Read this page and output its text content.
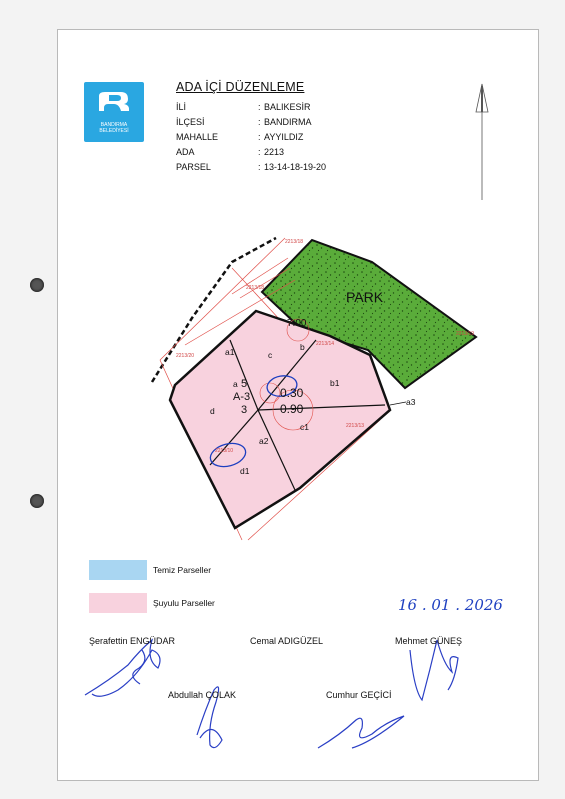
BANDIRMA
BELEDİYESİ
ADA İÇİ DÜZENLEME
İLİ	: BALIKESİR
İLÇESİ	: BANDIRMA
MAHALLE	: AYYILDIZ
ADA	: 2213
PARSEL	: 13-14-18-19-20
PARK
7.00
5
A-3
3
0.30
0.90
a1	c
b
a	b1
d
c1
a2
d1
a3
2213/18
2213/18
2213/20
2213/14
2213/13
2213/10
2213/19
Temiz Parseller
Şuyulu Parseller	16 . 01 . 2026
Şerafettin ENGÜDAR	Cemal ADIGÜZEL	Mehmet GÜNEŞ
Abdullah ÇOLAK	Cumhur GEÇİCİ
